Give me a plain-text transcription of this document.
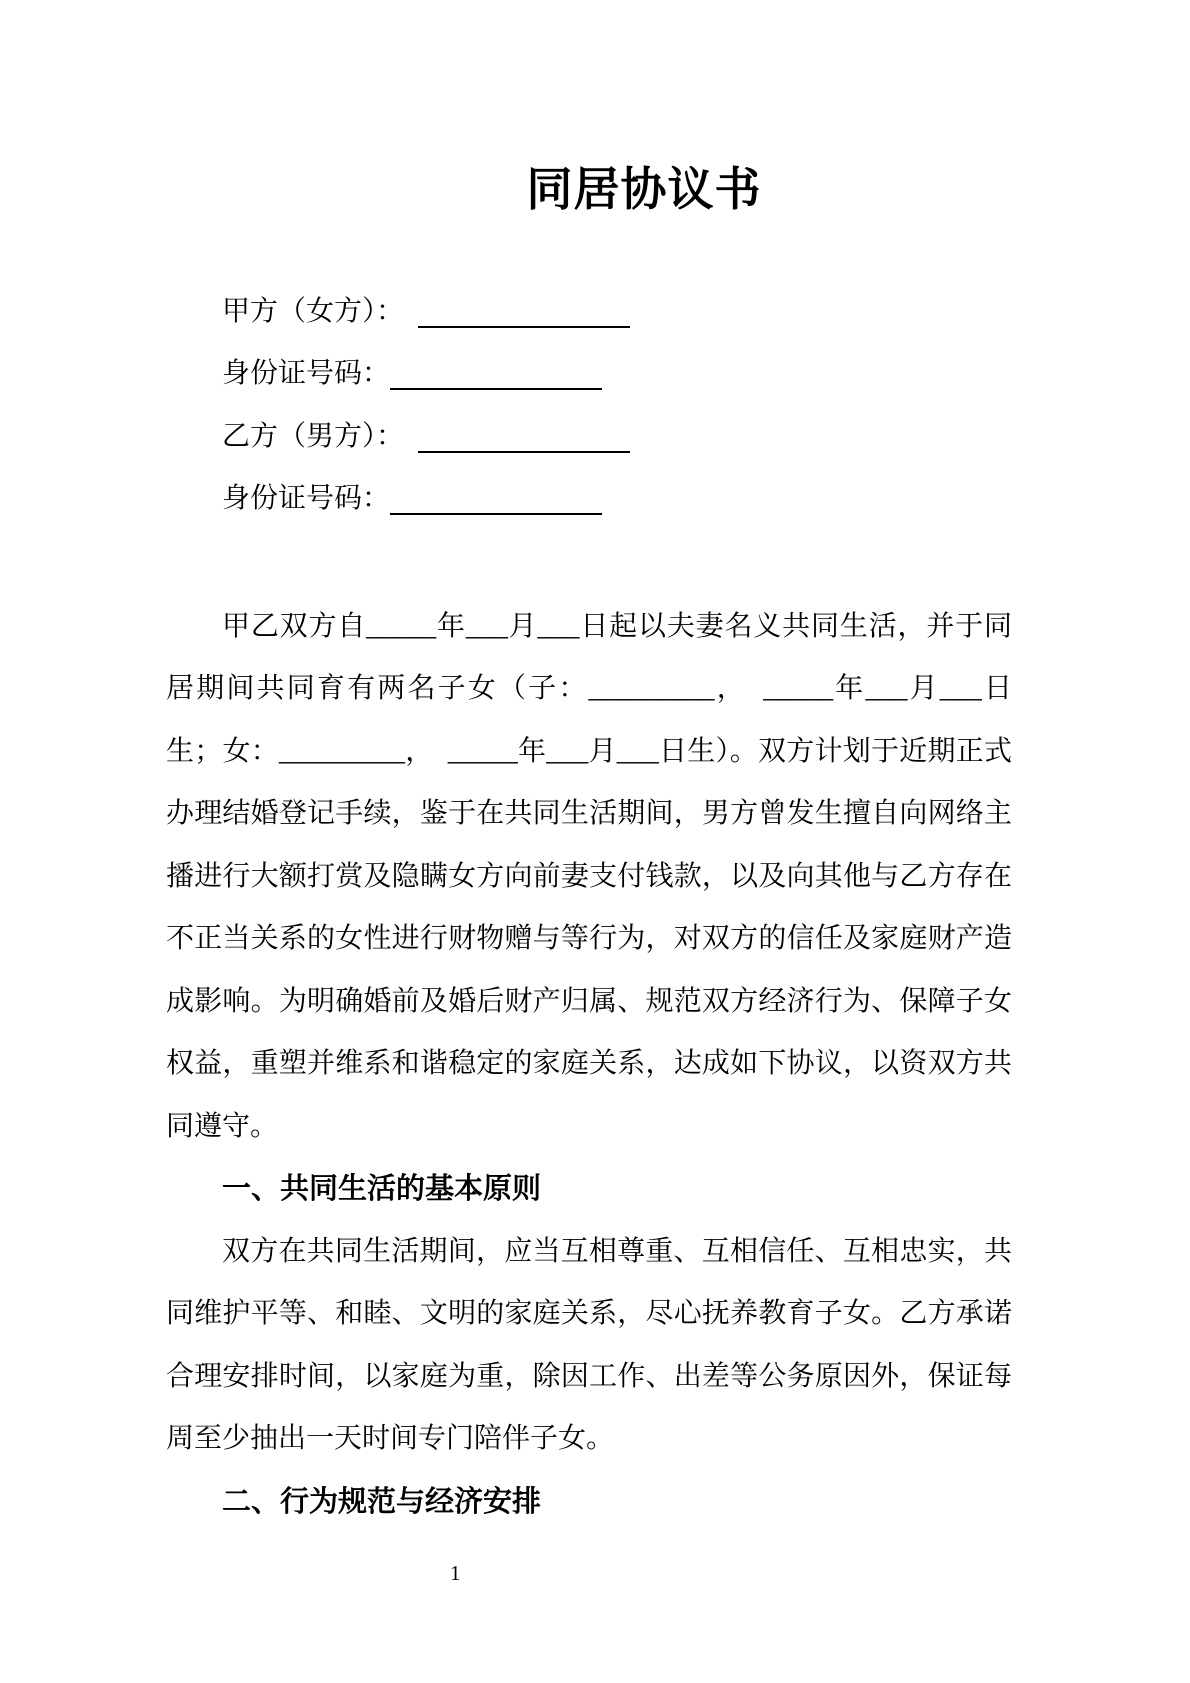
同居协议书
甲方（女方）：　
身份证号码：
乙方（男方）：　
身份证号码：

甲乙双方自_____年___月___日起以夫妻名义共同生活，并于同居期间共同育有两名子女（子：_________，　_____年___月___日生；女：_________，　_____年___月___日生）。双方计划于近期正式办理结婚登记手续，鉴于在共同生活期间，男方曾发生擅自向网络主播进行大额打赏及隐瞒女方向前妻支付钱款，以及向其他与乙方存在不正当关系的女性进行财物赠与等行为，对双方的信任及家庭财产造成影响。为明确婚前及婚后财产归属、规范双方经济行为、保障子女权益，重塑并维系和谐稳定的家庭关系，达成如下协议，以资双方共同遵守。

一、共同生活的基本原则

双方在共同生活期间，应当互相尊重、互相信任、互相忠实，共同维护平等、和睦、文明的家庭关系，尽心抚养教育子女。乙方承诺合理安排时间，以家庭为重，除因工作、出差等公务原因外，保证每周至少抽出一天时间专门陪伴子女。

二、行为规范与经济安排
1
